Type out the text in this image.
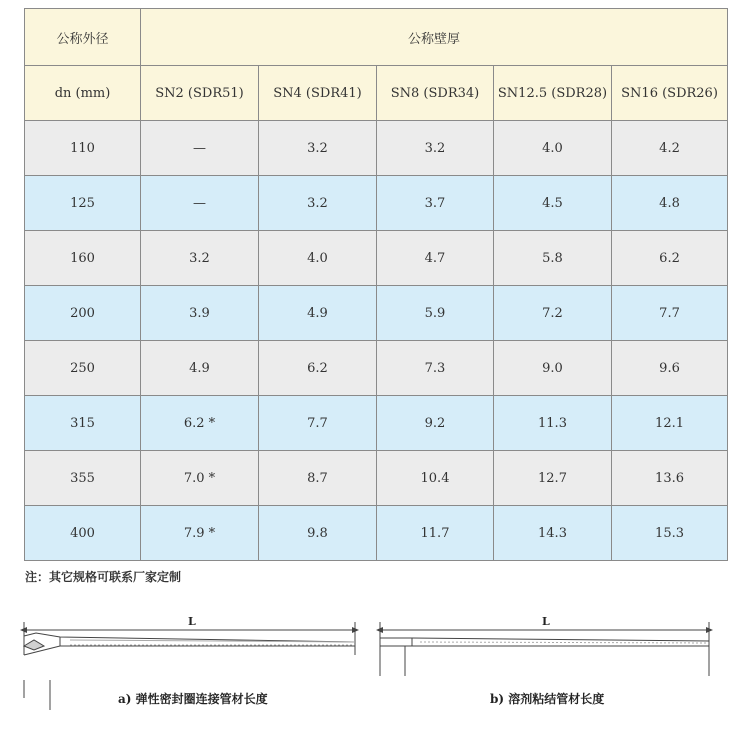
公称外径	公称壁厚				
dn (mm)	SN2 (SDR51)	SN4 (SDR41)	SN8 (SDR34)	SN12.5 (SDR28)	SN16 (SDR26)
110	—	3.2	3.2	4.0	4.2
125	—	3.2	3.7	4.5	4.8
160	3.2	4.0	4.7	5.8	6.2
200	3.9	4.9	5.9	7.2	7.7
250	4.9	6.2	7.3	9.0	9.6
315	6.2 *	7.7	9.2	11.3	12.1
355	7.0 *	8.7	10.4	12.7	13.6
400	7.9 *	9.8	11.7	14.3	15.3
注：其它规格可联系厂家定制
L	L
a) 弹性密封圈连接管材长度	b) 溶剂粘结管材长度
